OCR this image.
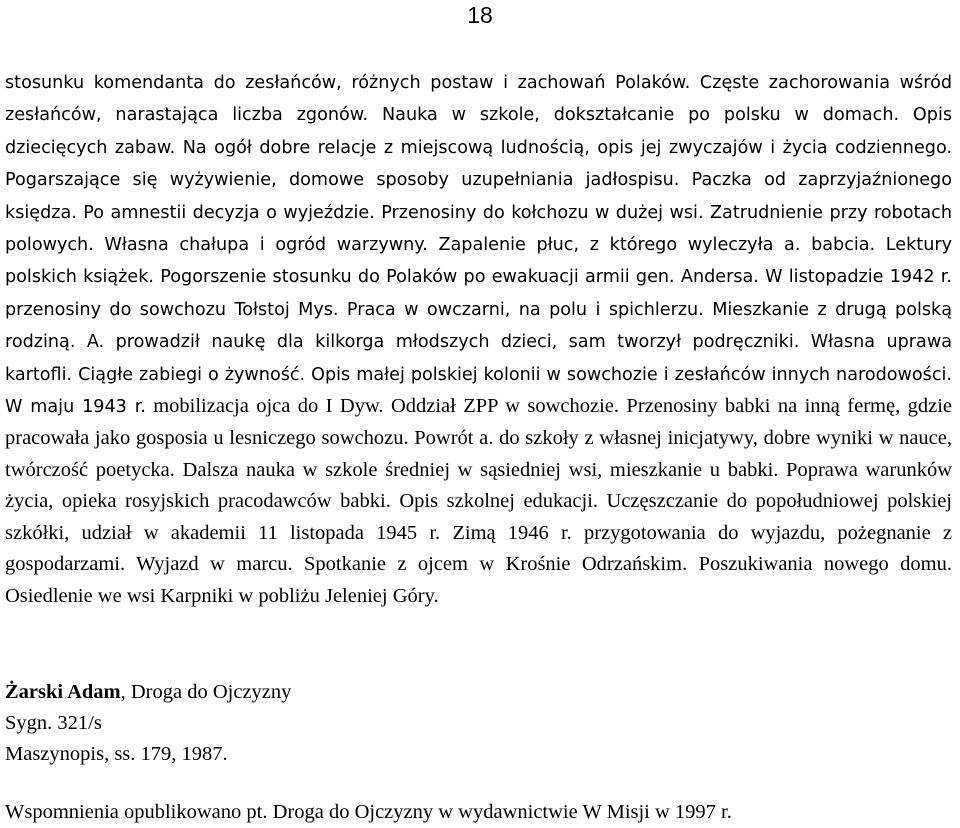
18
stosunku komendanta do zesłańców, różnych postaw i zachowań Polaków. Częste zachorowania wśród zesłańców, narastająca liczba zgonów. Nauka w szkole, dokształcanie po polsku w domach. Opis dziecięcych zabaw. Na ogół dobre relacje z miejscową ludnością, opis jej zwyczajów i życia codziennego. Pogarszające się wyżywienie, domowe sposoby uzupełniania jadłospisu. Paczka od zaprzyjaźnionego księdza. Po amnestii decyzja o wyjeździe. Przenosiny do kołchozu w dużej wsi. Zatrudnienie przy robotach polowych. Własna chałupa i ogród warzywny. Zapalenie płuc, z którego wyleczyła a. babcia. Lektury polskich książek. Pogorszenie stosunku do Polaków po ewakuacji armii gen. Andersa. W listopadzie 1942 r. przenosiny do sowchozu Tołstoj Mys. Praca w owczarni, na polu i spichlerzu. Mieszkanie z drugą polską rodziną. A. prowadził naukę dla kilkorga młodszych dzieci, sam tworzył podręczniki. Własna uprawa kartofli. Ciągłe zabiegi o żywność. Opis małej polskiej kolonii w sowchozie i zesłańców innych narodowości. W maju 1943 r. mobilizacja ojca do I Dyw. Oddział ZPP w sowchozie. Przenosiny babki na inną fermę, gdzie pracowała jako gosposia u lesniczego sowchozu. Powrót a. do szkoły z własnej inicjatywy, dobre wyniki w nauce, twórczość poetycka. Dalsza nauka w szkole średniej w sąsiedniej wsi, mieszkanie u babki. Poprawa warunków życia, opieka rosyjskich pracodawców babki. Opis szkolnej edukacji. Uczęszczanie do popołudniowej polskiej szkółki, udział w akademii 11 listopada 1945 r. Zimą 1946 r. przygotowania do wyjazdu, pożegnanie z gospodarzami. Wyjazd w marcu. Spotkanie z ojcem w Krośnie Odrzańskim. Poszukiwania nowego domu. Osiedlenie we wsi Karpniki w pobliżu Jeleniej Góry.
Żarski Adam, Droga do Ojczyzny
Sygn. 321/s
Maszynopis, ss. 179, 1987.
Wspomnienia opublikowano pt. Droga do Ojczyzny w wydawnictwie W Misji w 1997 r.
